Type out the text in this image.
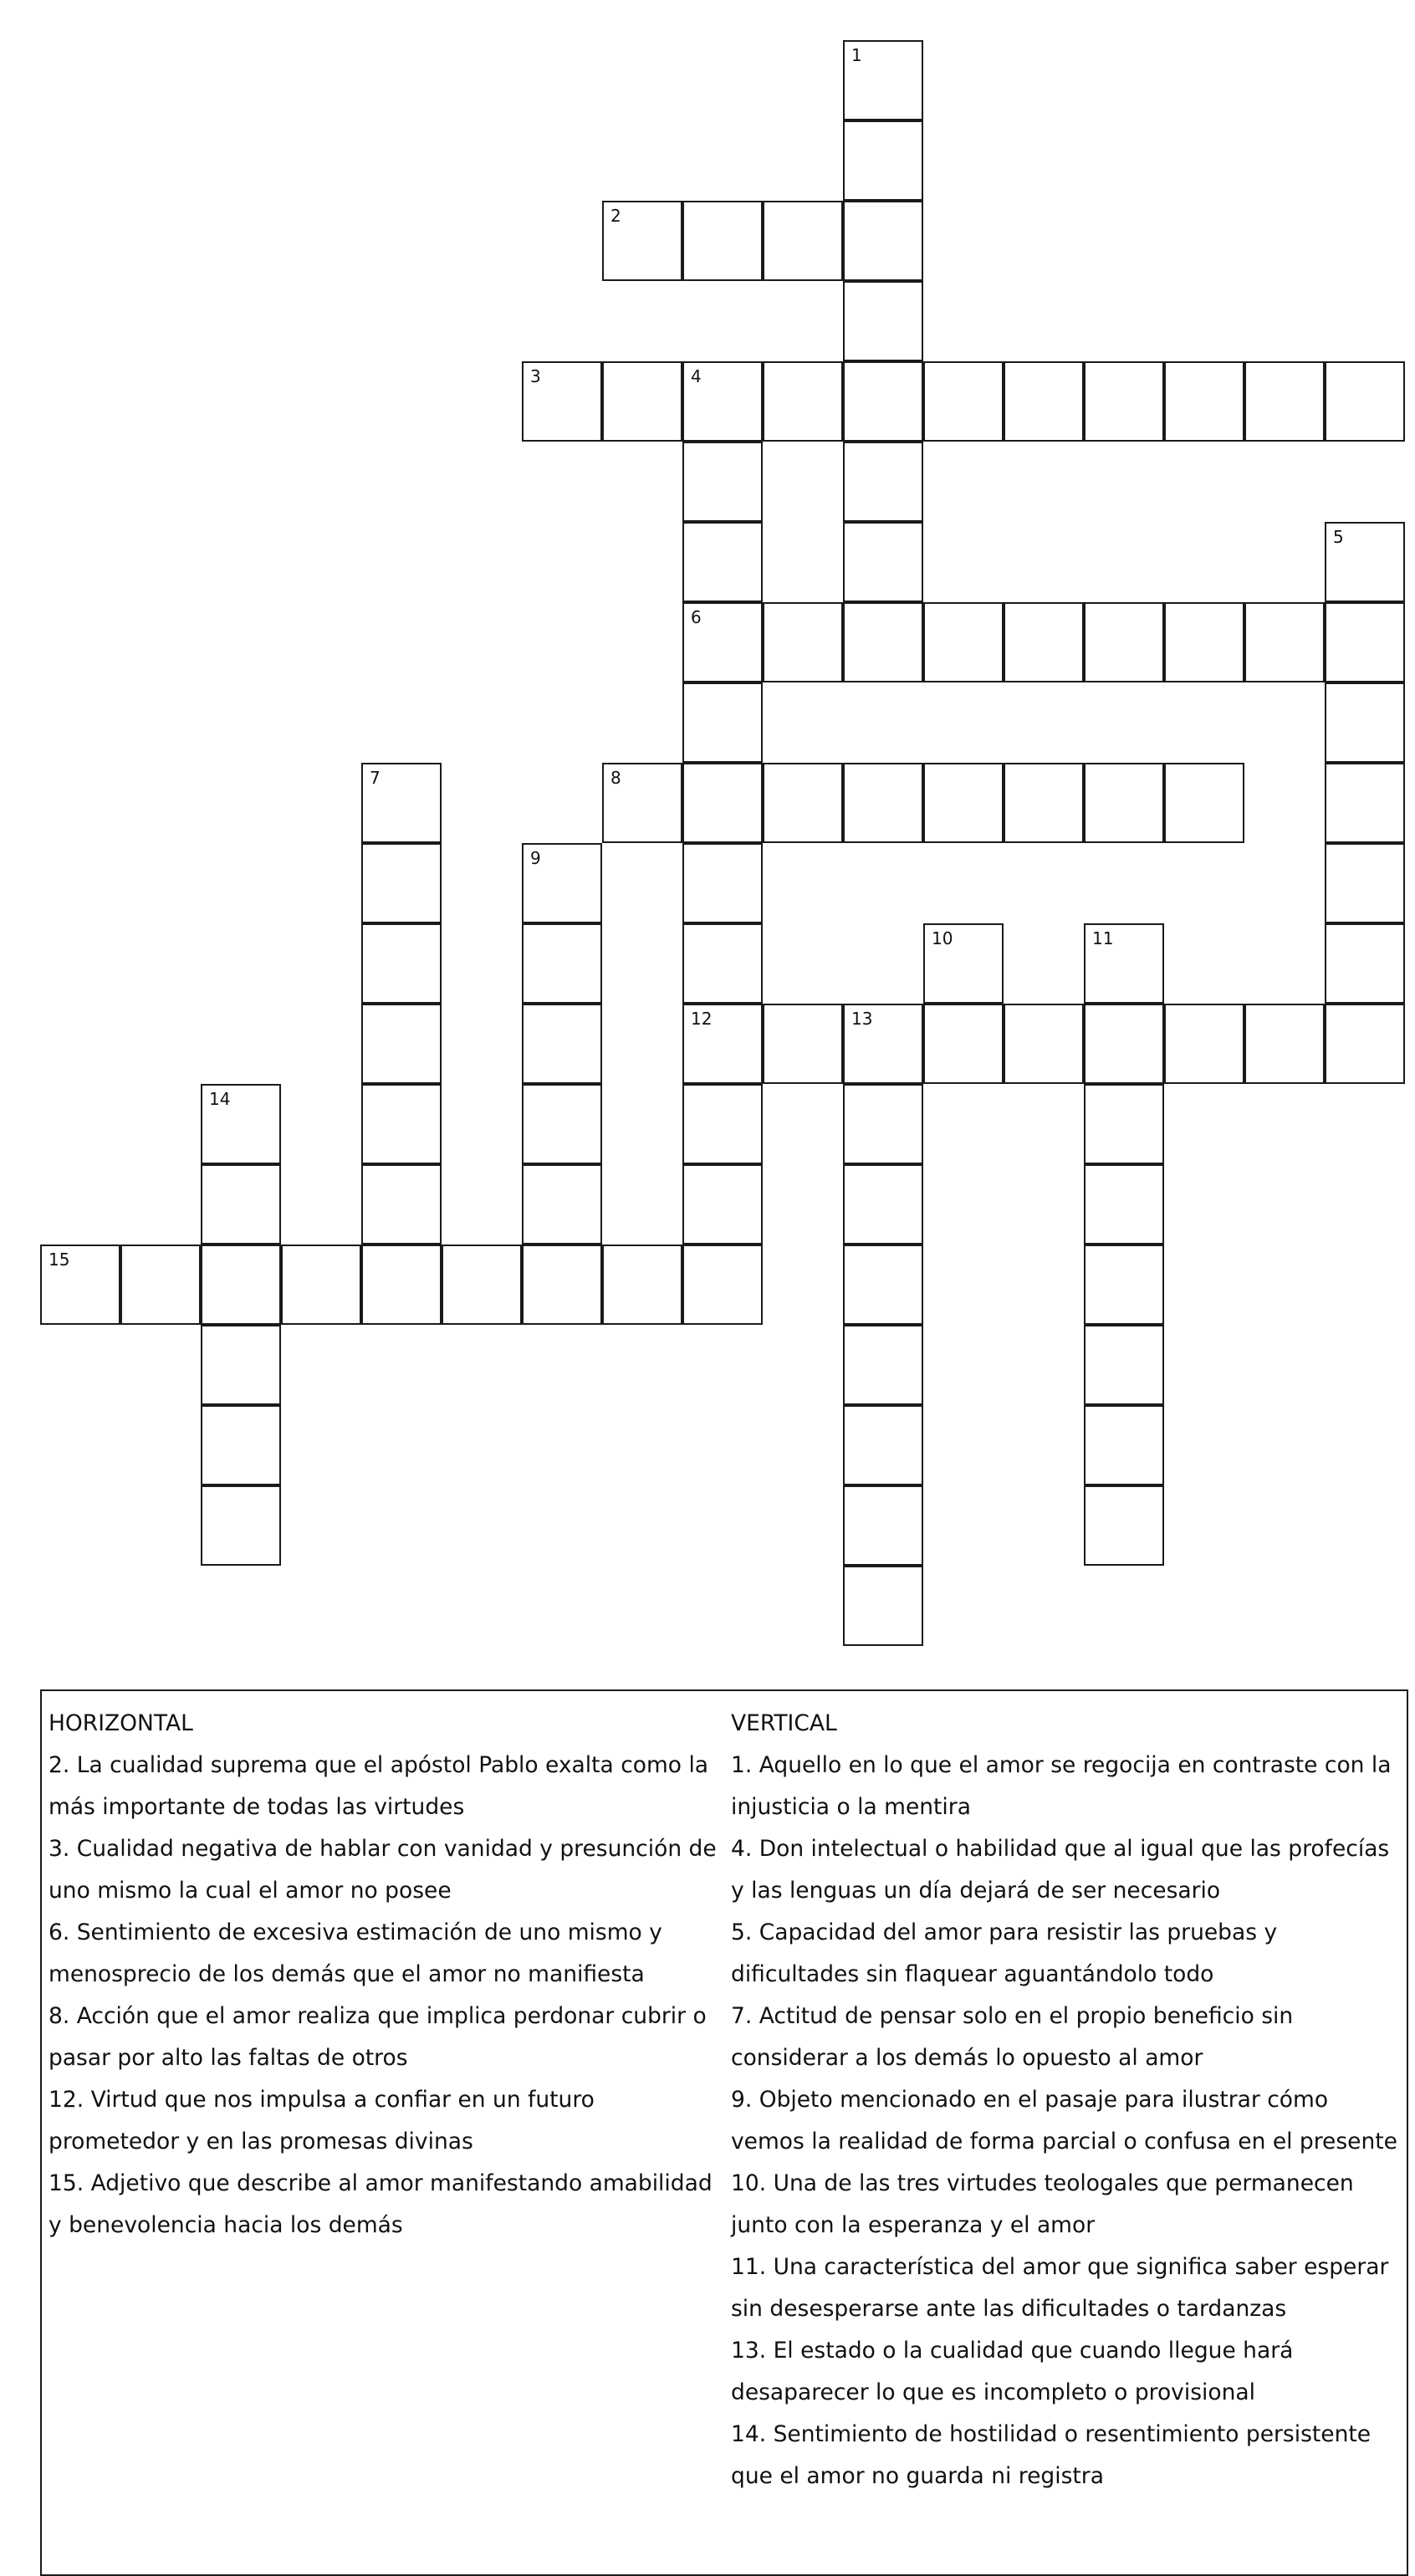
1
2
3	4
6
12
5
7	8
9
10	11
13
14
15
HORIZONTAL
2. La cualidad suprema que el apóstol Pablo exalta como la más importante de todas las virtudes
3. Cualidad negativa de hablar con vanidad y presunción de uno mismo la cual el amor no posee
6. Sentimiento de excesiva estimación de uno mismo y menosprecio de los demás que el amor no manifiesta
8. Acción que el amor realiza que implica perdonar cubrir o pasar por alto las faltas de otros
12. Virtud que nos impulsa a confiar en un futuro prometedor y en las promesas divinas
15. Adjetivo que describe al amor manifestando amabilidad y benevolencia hacia los demás
VERTICAL
1. Aquello en lo que el amor se regocija en contraste con la injusticia o la mentira
4. Don intelectual o habilidad que al igual que las profecías y las lenguas un día dejará de ser necesario
5. Capacidad del amor para resistir las pruebas y dificultades sin flaquear aguantándolo todo
7. Actitud de pensar solo en el propio beneficio sin considerar a los demás lo opuesto al amor
9. Objeto mencionado en el pasaje para ilustrar cómo vemos la realidad de forma parcial o confusa en el presente
10. Una de las tres virtudes teologales que permanecen junto con la esperanza y el amor
11. Una característica del amor que significa saber esperar sin desesperarse ante las dificultades o tardanzas
13. El estado o la cualidad que cuando llegue hará desaparecer lo que es incompleto o provisional
14. Sentimiento de hostilidad o resentimiento persistente que el amor no guarda ni registra
